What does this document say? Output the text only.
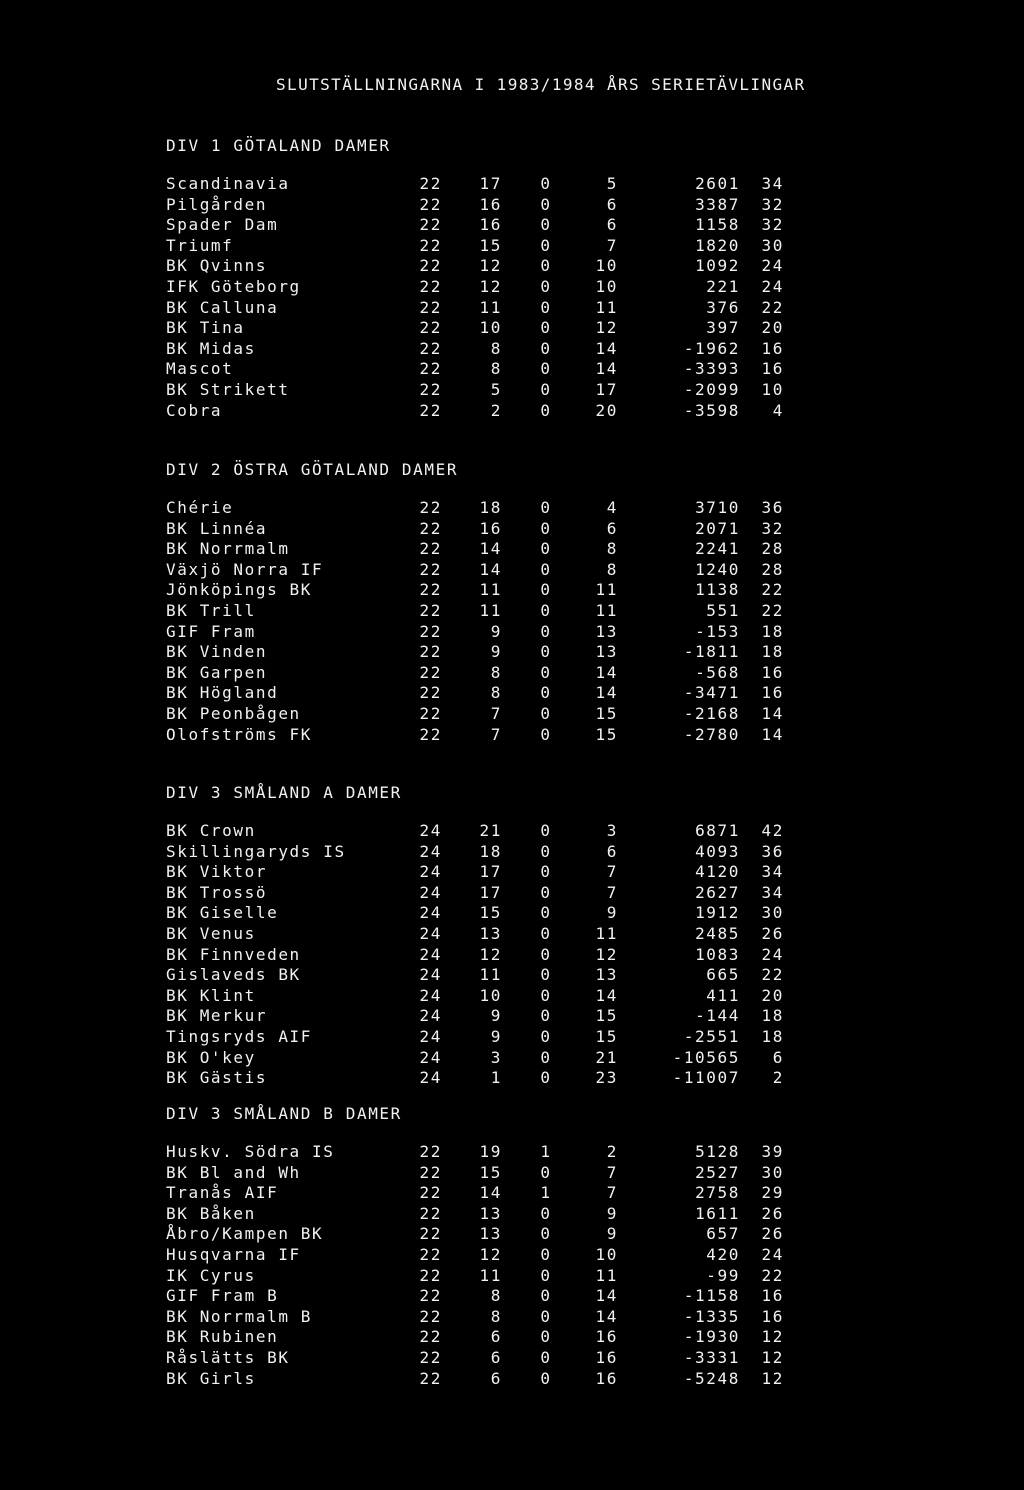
SLUTSTÄLLNINGARNA I 1983/1984 ÅRS SERIETÄVLINGAR
DIV 1 GÖTALAND DAMER
Scandinavia	22	17	0	5	2601	34
Pilgården	22	16	0	6	3387	32
Spader Dam	22	16	0	6	1158	32
Triumf	22	15	0	7	1820	30
BK Qvinns	22	12	0	10	1092	24
IFK Göteborg	22	12	0	10	221	24
BK Calluna	22	11	0	11	376	22
BK Tina	22	10	0	12	397	20
BK Midas	22	8	0	14	-1962	16
Mascot	22	8	0	14	-3393	16
BK Strikett	22	5	0	17	-2099	10
Cobra	22	2	0	20	-3598	4
DIV 2 ÖSTRA GÖTALAND DAMER
Chérie	22	18	0	4	3710	36
BK Linnéa	22	16	0	6	2071	32
BK Norrmalm	22	14	0	8	2241	28
Växjö Norra IF	22	14	0	8	1240	28
Jönköpings BK	22	11	0	11	1138	22
BK Trill	22	11	0	11	551	22
GIF Fram	22	9	0	13	-153	18
BK Vinden	22	9	0	13	-1811	18
BK Garpen	22	8	0	14	-568	16
BK Högland	22	8	0	14	-3471	16
BK Peonbågen	22	7	0	15	-2168	14
Olofströms FK	22	7	0	15	-2780	14
DIV 3 SMÅLAND A DAMER
BK Crown	24	21	0	3	6871	42
Skillingaryds IS	24	18	0	6	4093	36
BK Viktor	24	17	0	7	4120	34
BK Trossö	24	17	0	7	2627	34
BK Giselle	24	15	0	9	1912	30
BK Venus	24	13	0	11	2485	26
BK Finnveden	24	12	0	12	1083	24
Gislaveds BK	24	11	0	13	665	22
BK Klint	24	10	0	14	411	20
BK Merkur	24	9	0	15	-144	18
Tingsryds AIF	24	9	0	15	-2551	18
BK O'key	24	3	0	21	-10565	6
BK Gästis	24	1	0	23	-11007	2
DIV 3 SMÅLAND B DAMER
Huskv. Södra IS	22	19	1	2	5128	39
BK Bl and Wh	22	15	0	7	2527	30
Tranås AIF	22	14	1	7	2758	29
BK Båken	22	13	0	9	1611	26
Åbro/Kampen BK	22	13	0	9	657	26
Husqvarna IF	22	12	0	10	420	24
IK Cyrus	22	11	0	11	-99	22
GIF Fram B	22	8	0	14	-1158	16
BK Norrmalm B	22	8	0	14	-1335	16
BK Rubinen	22	6	0	16	-1930	12
Råslätts BK	22	6	0	16	-3331	12
BK Girls	22	6	0	16	-5248	12
